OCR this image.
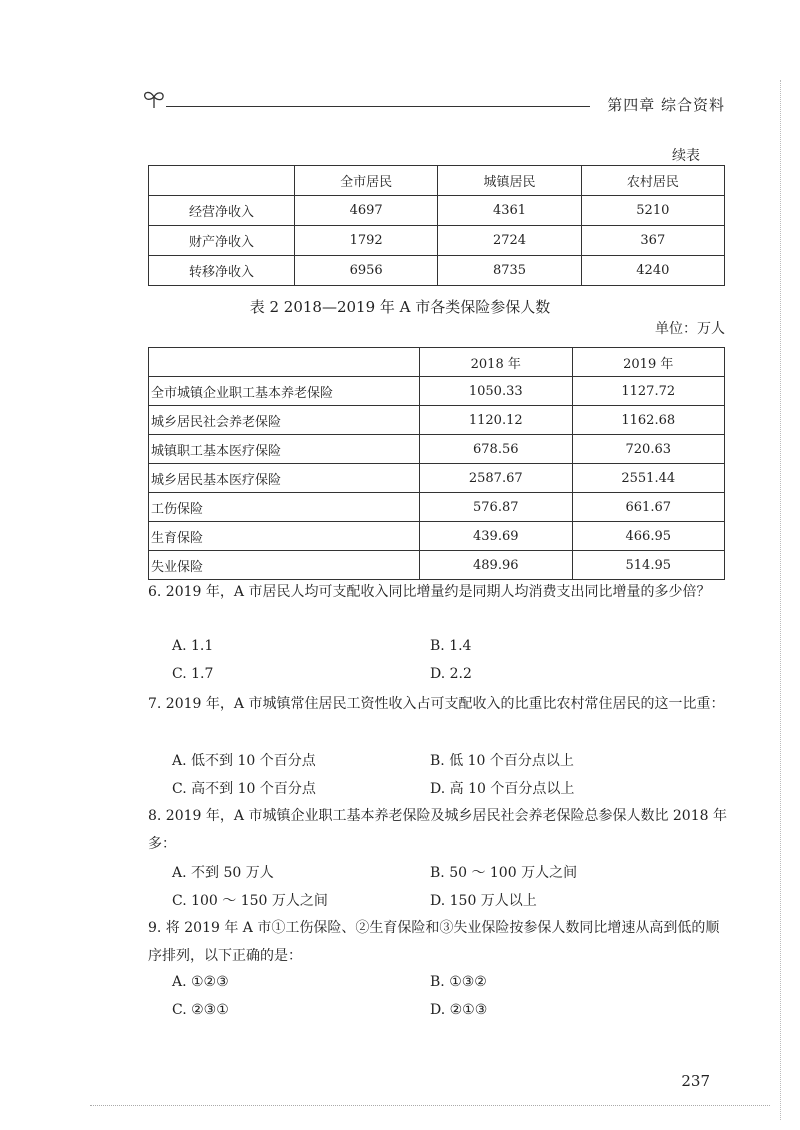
第四章 综合资料
续表
	全市居民	城镇居民	农村居民
经营净收入	4697	4361	5210
财产净收入	1792	2724	367
转移净收入	6956	8735	4240
表 2 2018—2019 年 A 市各类保险参保人数
单位：万人
	2018 年	2019 年
全市城镇企业职工基本养老保险	1050.33	1127.72
城乡居民社会养老保险	1120.12	1162.68
城镇职工基本医疗保险	678.56	720.63
城乡居民基本医疗保险	2587.67	2551.44
工伤保险	576.87	661.67
生育保险	439.69	466.95
失业保险	489.96	514.95
6. 2019 年，A 市居民人均可支配收入同比增量约是同期人均消费支出同比增量的多少倍？
A. 1.1	B. 1.4
C. 1.7	D. 2.2
7. 2019 年，A 市城镇常住居民工资性收入占可支配收入的比重比农村常住居民的这一比重：
A. 低不到 10 个百分点	B. 低 10 个百分点以上
C. 高不到 10 个百分点	D. 高 10 个百分点以上
8. 2019 年，A 市城镇企业职工基本养老保险及城乡居民社会养老保险总参保人数比 2018 年多：
A. 不到 50 万人	B. 50 ～ 100 万人之间
C. 100 ～ 150 万人之间	D. 150 万人以上
9. 将 2019 年 A 市①工伤保险、②生育保险和③失业保险按参保人数同比增速从高到低的顺序排列，以下正确的是：
A. ①②③	B. ①③②
C. ②③①	D. ②①③
237
